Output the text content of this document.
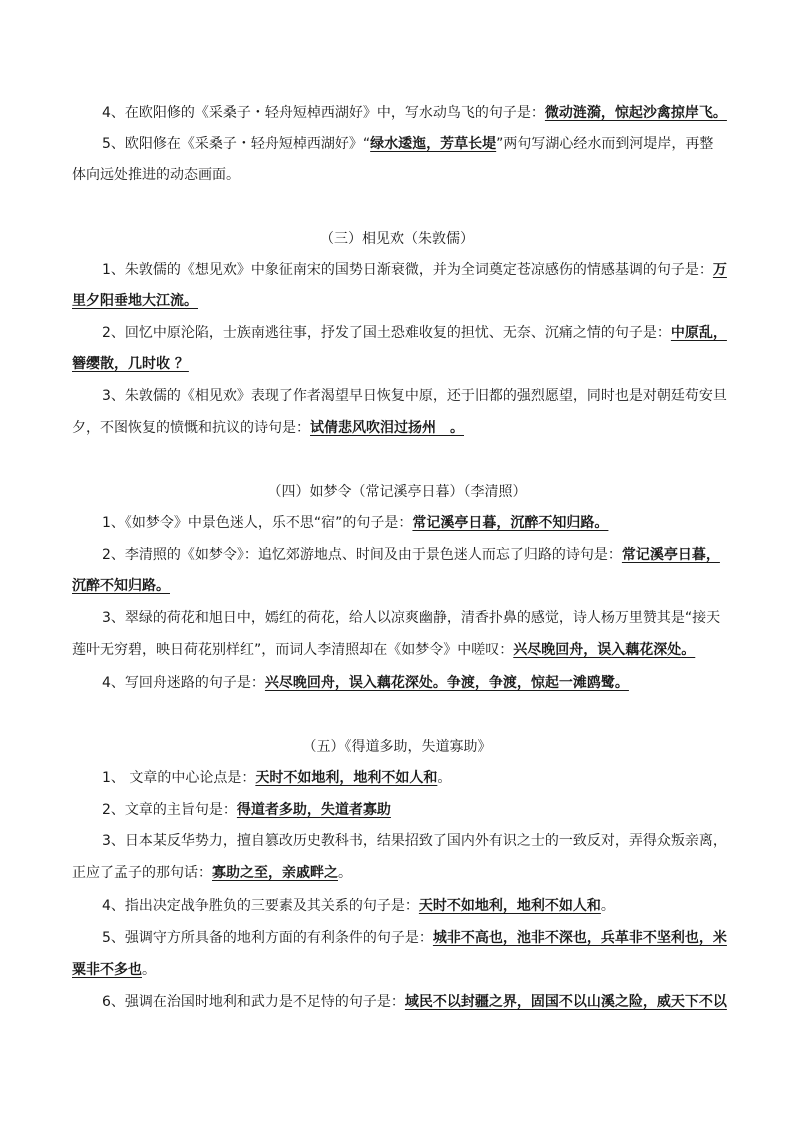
4、在欧阳修的《采桑子・轻舟短棹西湖好》中，写水动鸟飞的句子是：微动涟漪，惊起沙禽掠岸飞。
5、欧阳修在《采桑子・轻舟短棹西湖好》“绿水逶迤，芳草长堤”两句写湖心经水而到河堤岸，再整
体向远处推进的动态画面。
（三）相见欢（朱敦儒）
1、朱敦儒的《想见欢》中象征南宋的国势日渐衰微，并为全词奠定苍凉感伤的情感基调的句子是：万
里夕阳垂地大江流。
2、回忆中原沦陷，士族南逃往事，抒发了国土恐难收复的担忧、无奈、沉痛之情的句子是：中原乱，
簪缨散，几时收 ？
3、朱敦儒的《相见欢》表现了作者渴望早日恢复中原，还于旧都的强烈愿望，同时也是对朝廷苟安旦
夕，不图恢复的愤慨和抗议的诗句是：试倩悲风吹泪过扬州　。
（四）如梦令（常记溪亭日暮）（李清照）
1、《如梦令》中景色迷人，乐不思“宿”的句子是：常记溪亭日暮，沉醉不知归路。
2、李清照的《如梦令》：追忆郊游地点、时间及由于景色迷人而忘了归路的诗句是：常记溪亭日暮，
沉醉不知归路。
3、翠绿的荷花和旭日中，嫣红的荷花，给人以凉爽幽静，清香扑鼻的感觉，诗人杨万里赞其是“接天
莲叶无穷碧，映日荷花别样红”，而词人李清照却在《如梦令》中嗟叹：兴尽晚回舟，误入藕花深处。
4、写回舟迷路的句子是：兴尽晚回舟，误入藕花深处。争渡，争渡，惊起一滩鸥鹭。
（五）《得道多助，失道寡助》
1、 文章的中心论点是：天时不如地利，地利不如人和。
2、文章的主旨句是：得道者多助，失道者寡助
3、日本某反华势力，擅自篡改历史教科书，结果招致了国内外有识之士的一致反对，弄得众叛亲离，
正应了孟子的那句话：寡助之至，亲戚畔之。
4、指出决定战争胜负的三要素及其关系的句子是：天时不如地利，地利不如人和。
5、强调守方所具备的地利方面的有利条件的句子是：城非不高也，池非不深也，兵革非不坚利也，米
粟非不多也。
6、强调在治国时地利和武力是不足恃的句子是：域民不以封疆之界，固国不以山溪之险，威天下不以
